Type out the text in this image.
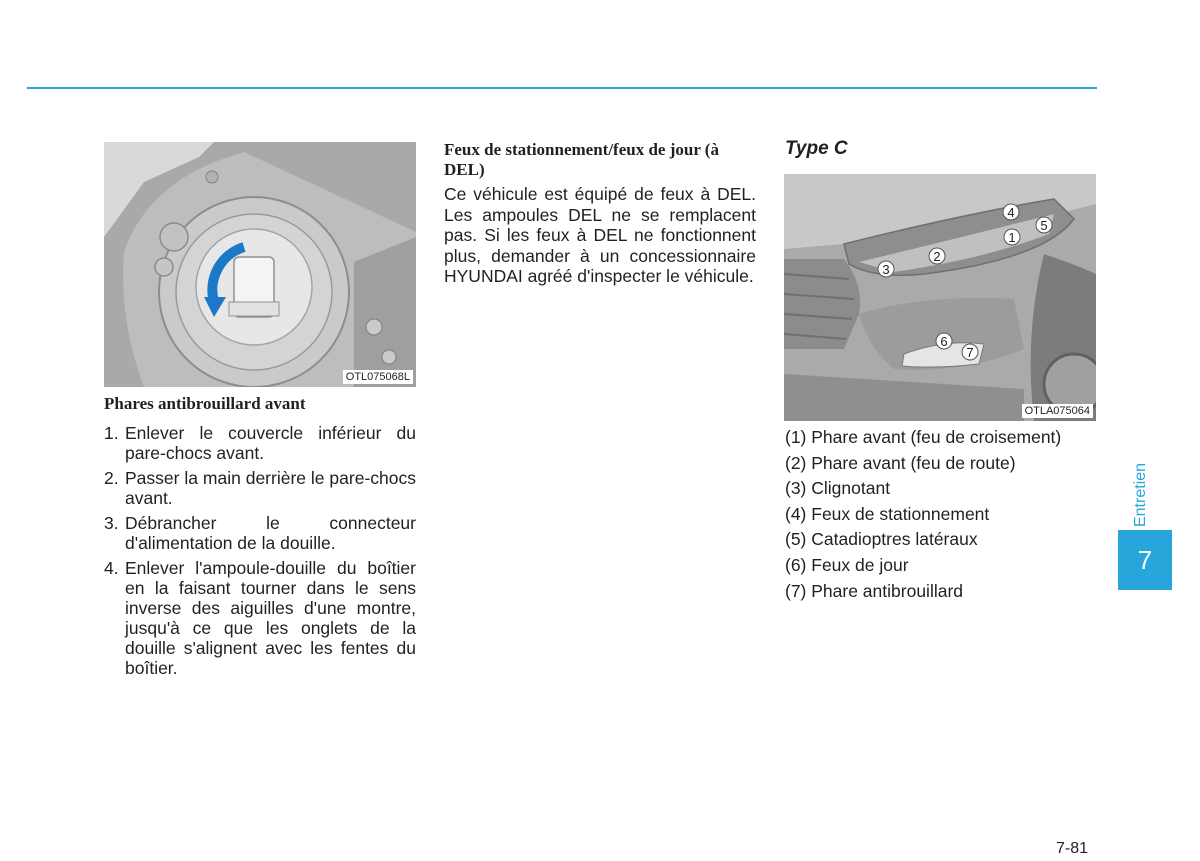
OTL075068L
Phares antibrouillard avant
1. Enlever le couvercle inférieur du pare-chocs avant.
2. Passer la main derrière le pare-chocs avant.
3. Débrancher le connecteur d'alimentation de la douille.
4. Enlever l'ampoule-douille du boîtier en la faisant tourner dans le sens inverse des aiguilles d'une montre, jusqu'à ce que les onglets de la douille s'alignent avec les fentes du boîtier.
Feux de stationnement/feux de jour (à DEL)
Ce véhicule est équipé de feux à DEL. Les ampoules DEL ne se remplacent pas. Si les feux à DEL ne fonctionnent plus, demander à un concessionnaire HYUNDAI agréé d'inspecter le véhicule.
Type C
4
5
1
2
3
6
7
OTLA075064
(1) Phare avant (feu de croisement)
(2) Phare avant (feu de route)
(3) Clignotant
(4) Feux de stationnement
(5) Catadioptres latéraux
(6) Feux de jour
(7) Phare antibrouillard
Entretien
7
7-81
